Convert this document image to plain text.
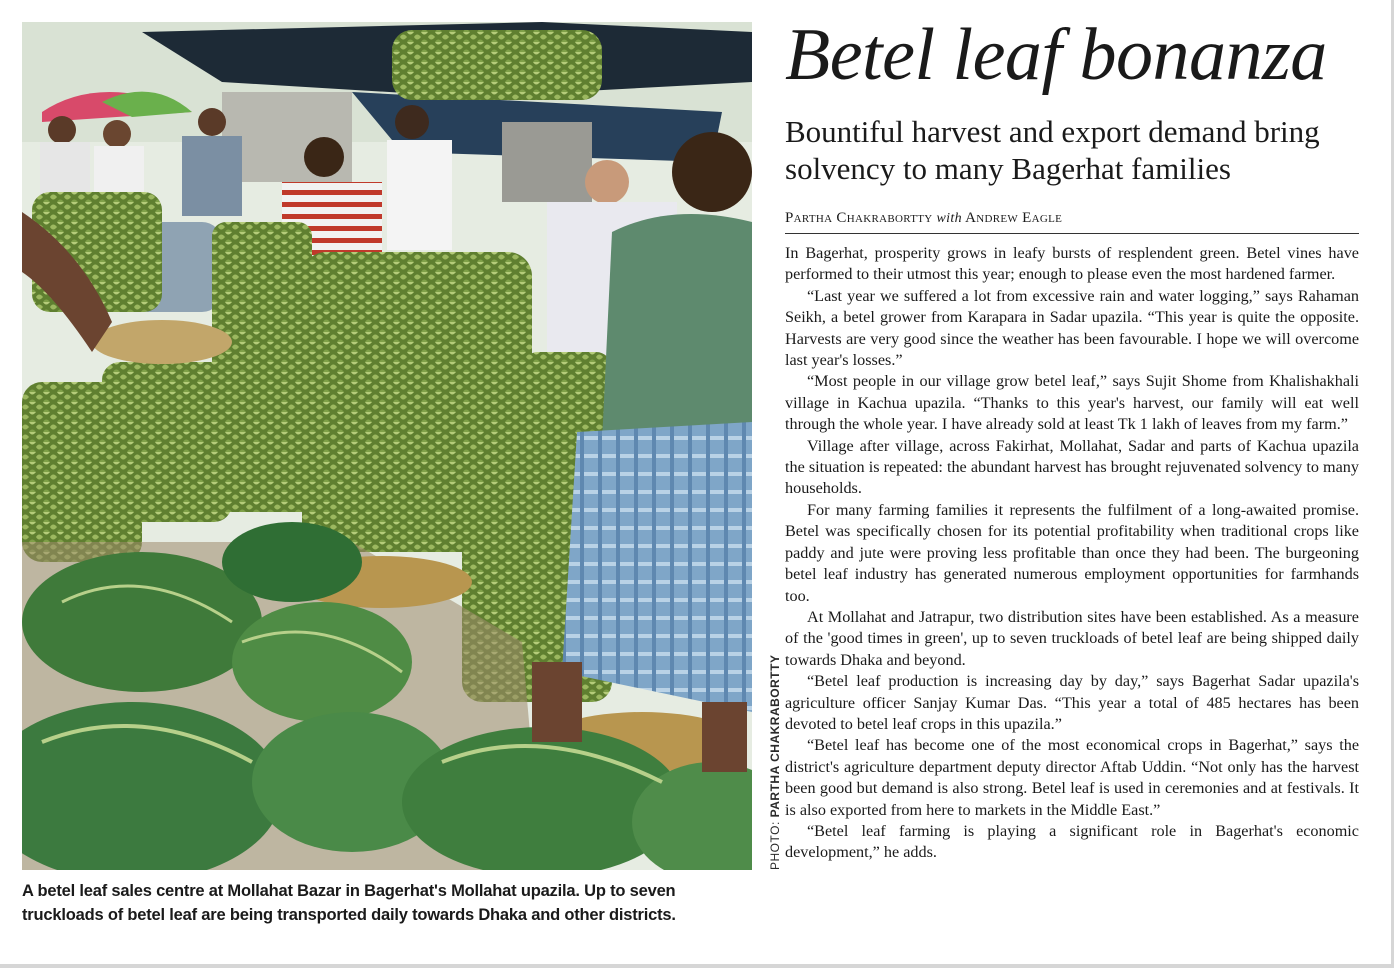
PHOTO: PARTHA CHAKRABORTTY
A betel leaf sales centre at Mollahat Bazar in Bagerhat's Mollahat upazila. Up to seven truckloads of betel leaf are being transported daily towards Dhaka and other districts.
Betel leaf bonanza
Bountiful harvest and export demand bring solvency to many Bagerhat families
Partha Chakrabortty with Andrew Eagle

In Bagerhat, prosperity grows in leafy bursts of resplendent green. Betel vines have performed to their utmost this year; enough to please even the most hardened farmer.

“Last year we suffered a lot from excessive rain and water logging,” says Rahaman Seikh, a betel grower from Karapara in Sadar upazila. “This year is quite the opposite. Harvests are very good since the weather has been favourable. I hope we will overcome last year's losses.”

“Most people in our village grow betel leaf,” says Sujit Shome from Khalishakhali village in Kachua upazila. “Thanks to this year's harvest, our family will eat well through the whole year. I have already sold at least Tk 1 lakh of leaves from my farm.”

Village after village, across Fakirhat, Mollahat, Sadar and parts of Kachua upazila the situation is repeated: the abundant harvest has brought rejuvenated solvency to many households.

For many farming families it represents the fulfilment of a long-awaited promise. Betel was specifically chosen for its potential profitability when traditional crops like paddy and jute were proving less profitable than once they had been. The burgeoning betel leaf industry has generated numerous employment opportunities for farmhands too.

At Mollahat and Jatrapur, two distribution sites have been established. As a measure of the 'good times in green', up to seven truckloads of betel leaf are being shipped daily towards Dhaka and beyond.

“Betel leaf production is increasing day by day,” says Bagerhat Sadar upazila's agriculture officer Sanjay Kumar Das. “This year a total of 485 hectares has been devoted to betel leaf crops in this upazila.”

“Betel leaf has become one of the most economical crops in Bagerhat,” says the district's agriculture department deputy director Aftab Uddin. “Not only has the harvest been good but demand is also strong. Betel leaf is used in ceremonies and at festivals. It is also exported from here to markets in the Middle East.”

“Betel leaf farming is playing a significant role in Bagerhat's economic development,” he adds.
